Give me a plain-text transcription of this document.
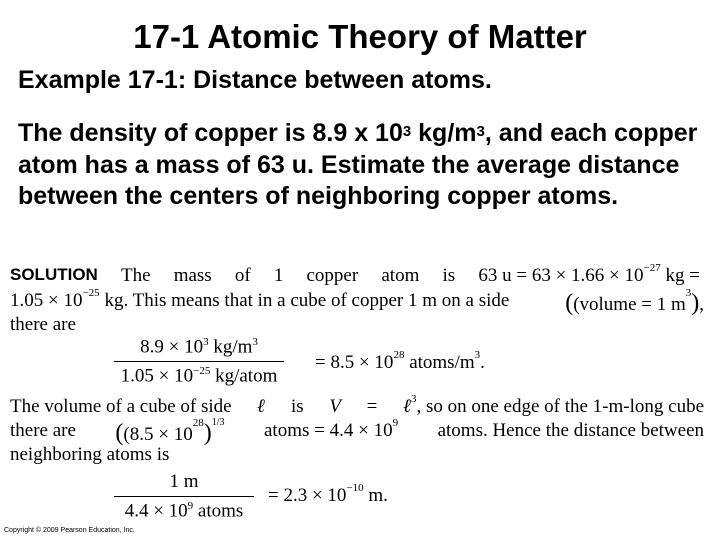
17-1 Atomic Theory of Matter
Example 17-1: Distance between atoms.
The density of copper is 8.9 x $10^3$ $kg/m^3$, and each copper atom has a mass of 63 u. Estimate the average distance between the centers of neighboring copper atoms.
SOLUTION The mass of 1 copper atom is 63 $u = 63 \times 1.66 \times 10^{-27}$ kg =
$1.05 \times 10^{-25}$ kg. This means that in a cube of copper 1 m on a side ((volume = 1 $m^3$),
there are
$8.9 \times 10^3$ $kg/m^3$
$1.05 \times 10^{-25}$ kg/atom
= $8.5 \times 10^{28}$ atoms/$m^3$.
The volume of a cube of side ℓ is V = ℓ$^3$, so on one edge of the 1-m-long cube
there are ($(8.5 \times 10^{28})^{1/3}$ atoms = $4.4 \times 10^9$ atoms. Hence the distance between
neighboring atoms is
1 m
$4.4 \times 10^9$ atoms
= $2.3 \times 10^{-10}$ m.
Copyright © 2009 Pearson Education, Inc.
